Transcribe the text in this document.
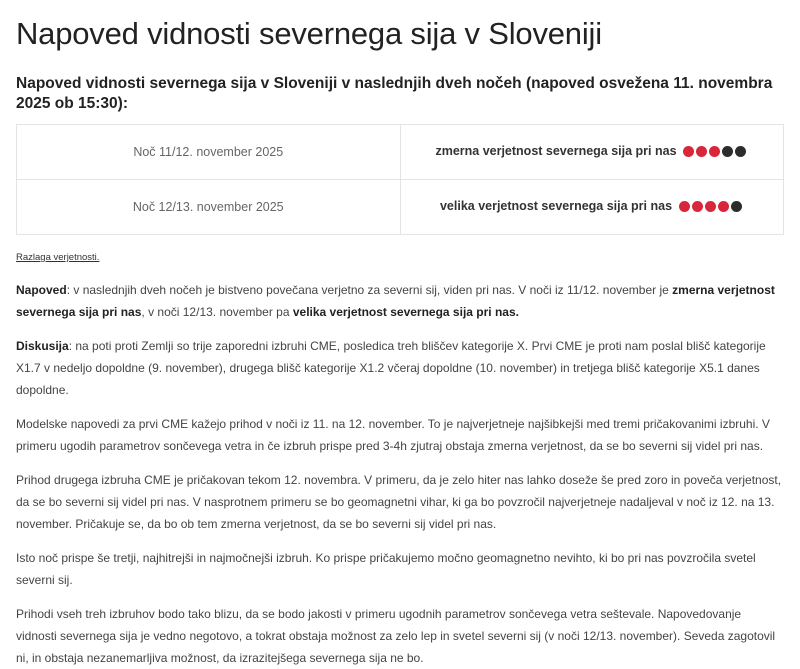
Napoved vidnosti severnega sija v Sloveniji
Napoved vidnosti severnega sija v Sloveniji v naslednjih dveh nočeh (napoved osvežena 11. novembra 2025 ob 15:30):
Noč 11/12. november 2025	zmerna verjetnost severnega sija pri nas
Noč 12/13. november 2025	velika verjetnost severnega sija pri nas
Razlaga verjetnosti.

Napoved: v naslednjih dveh nočeh je bistveno povečana verjetno za severni sij, viden pri nas. V noči iz 11/12. november je zmerna verjetnost severnega sija pri nas, v noči 12/13. november pa velika verjetnost severnega sija pri nas.

Diskusija: na poti proti Zemlji so trije zaporedni izbruhi CME, posledica treh bliščev kategorije X. Prvi CME je proti nam poslal blišč kategorije X1.7 v nedeljo dopoldne (9. november), drugega blišč kategorije X1.2 včeraj dopoldne (10. november) in tretjega blišč kategorije X5.1 danes dopoldne.

Modelske napovedi za prvi CME kažejo prihod v noči iz 11. na 12. november. To je najverjetneje najšibkejši med tremi pričakovanimi izbruhi. V primeru ugodih parametrov sončevega vetra in če izbruh prispe pred 3-4h zjutraj obstaja zmerna verjetnost, da se bo severni sij videl pri nas.

Prihod drugega izbruha CME je pričakovan tekom 12. novembra. V primeru, da je zelo hiter nas lahko doseže še pred zoro in poveča verjetnost, da se bo severni sij videl pri nas. V nasprotnem primeru se bo geomagnetni vihar, ki ga bo povzročil najverjetneje nadaljeval v noč iz 12. na 13. november. Pričakuje se, da bo ob tem zmerna verjetnost, da se bo severni sij videl pri nas.

Isto noč prispe še tretji, najhitrejši in najmočnejši izbruh. Ko prispe pričakujemo močno geomagnetno nevihto, ki bo pri nas povzročila svetel severni sij.

Prihodi vseh treh izbruhov bodo tako blizu, da se bodo jakosti v primeru ugodnih parametrov sončevega vetra seštevale. Napovedovanje vidnosti severnega sija je vedno negotovo, a tokrat obstaja možnost za zelo lep in svetel severni sij (v noči 12/13. november). Seveda zagotovil ni, in obstaja nezanemarljiva možnost, da izrazitejšega severnega sija ne bo.
